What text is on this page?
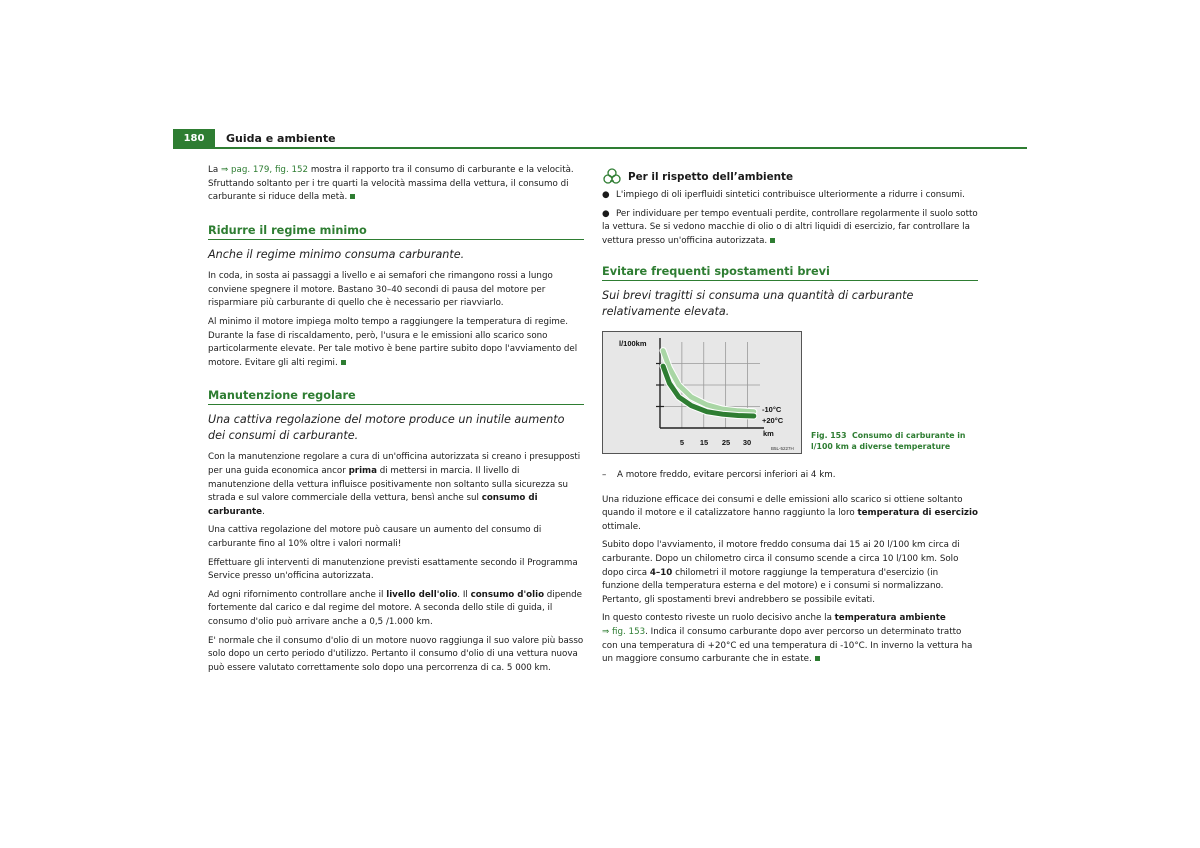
180	Guida e ambiente

La ⇒ pag. 179, fig. 152 mostra il rapporto tra il consumo di carburante e la velocità. Sfruttando soltanto per i tre quarti la velocità massima della vettura, il consumo di carburante si riduce della metà.

Ridurre il regime minimo

Anche il regime minimo consuma carburante.

In coda, in sosta ai passaggi a livello e ai semafori che rimangono rossi a lungo conviene spegnere il motore. Bastano 30–40 secondi di pausa del motore per risparmiare più carburante di quello che è necessario per riavviarlo.

Al minimo il motore impiega molto tempo a raggiungere la temperatura di regime. Durante la fase di riscaldamento, però, l'usura e le emissioni allo scarico sono particolarmente elevate. Per tale motivo è bene partire subito dopo l'avviamento del motore. Evitare gli alti regimi.

Manutenzione regolare

Una cattiva regolazione del motore produce un inutile aumento dei consumi di carburante.

Con la manutenzione regolare a cura di un'officina autorizzata si creano i presupposti per una guida economica ancor prima di mettersi in marcia. Il livello di manutenzione della vettura influisce positivamente non soltanto sulla sicurezza su strada e sul valore commerciale della vettura, bensì anche sul consumo di carburante.

Una cattiva regolazione del motore può causare un aumento del consumo di carburante fino al 10% oltre i valori normali!

Effettuare gli interventi di manutenzione previsti esattamente secondo il Programma Service presso un'officina autorizzata.

Ad ogni rifornimento controllare anche il livello dell'olio. Il consumo d'olio dipende fortemente dal carico e dal regime del motore. A seconda dello stile di guida, il consumo d'olio può arrivare anche a 0,5 /1.000 km.

E' normale che il consumo d'olio di un motore nuovo raggiunga il suo valore più basso solo dopo un certo periodo d'utilizzo. Pertanto il consumo d'olio di una vettura nuova può essere valutato correttamente solo dopo una percorrenza di ca. 5 000 km.

Per il rispetto dell’ambiente

● L'impiego di oli iperfluidi sintetici contribuisce ulteriormente a ridurre i consumi.

● Per individuare per tempo eventuali perdite, controllare regolarmente il suolo sotto la vettura. Se si vedono macchie di olio o di altri liquidi di esercizio, far controllare la vettura presso un'officina autorizzata.

Evitare frequenti spostamenti brevi

Sui brevi tragitti si consuma una quantità di carburante relativamente elevata.

-10°C
+20°C
l/100km
km
5 15 25 30
B5L-5227H
Fig. 153 Consumo di carburante in l/100 km a diverse temperature

– A motore freddo, evitare percorsi inferiori ai 4 km.

Una riduzione efficace dei consumi e delle emissioni allo scarico si ottiene soltanto quando il motore e il catalizzatore hanno raggiunto la loro temperatura di esercizio ottimale.

Subito dopo l'avviamento, il motore freddo consuma dai 15 ai 20 l/100 km circa di carburante. Dopo un chilometro circa il consumo scende a circa 10 l/100 km. Solo dopo circa 4–10 chilometri il motore raggiunge la temperatura d'esercizio (in funzione della temperatura esterna e del motore) e i consumi si normalizzano. Pertanto, gli spostamenti brevi andrebbero se possibile evitati.

In questo contesto riveste un ruolo decisivo anche la temperatura ambiente
⇒ fig. 153. Indica il consumo carburante dopo aver percorso un determinato tratto con una temperatura di +20°C ed una temperatura di -10°C. In inverno la vettura ha un maggiore consumo carburante che in estate.
